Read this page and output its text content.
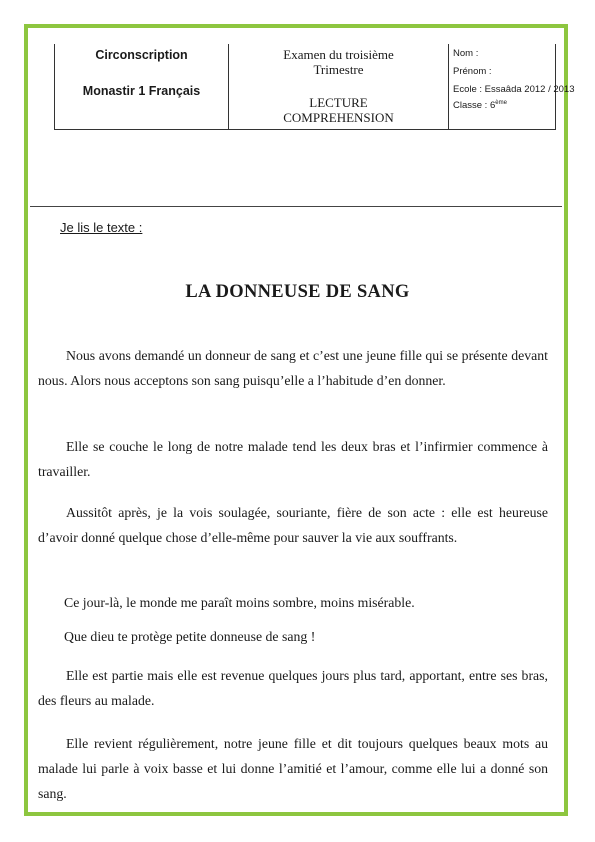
Circonscription
Monastir 1 Français
Examen du troisième
Trimestre
LECTURE
COMPREHENSION
Nom :
Prénom :
Ecole : Essaâda 2012 / 2013
Classe : 6ème
Je lis le texte :
LA DONNEUSE DE SANG

Nous avons demandé un donneur de sang et c’est une jeune fille qui se présente devant nous. Alors nous acceptons son sang puisqu’elle a l’habitude d’en donner.

Elle se couche le long de notre malade tend les deux bras et l’infirmier commence à travailler.

Aussitôt après, je la vois soulagée, souriante, fière de son acte : elle est heureuse d’avoir donné quelque chose d’elle-même pour sauver la vie aux souffrants.

Ce jour-là, le monde me paraît moins sombre, moins misérable.

Que dieu te protège petite donneuse de sang !

Elle est partie mais elle est revenue quelques jours plus tard, apportant, entre ses bras, des fleurs au malade.

Elle revient régulièrement, notre jeune fille et dit toujours quelques beaux mots au malade lui parle à voix basse et lui donne l’amitié et l’amour, comme elle lui a donné son sang.
